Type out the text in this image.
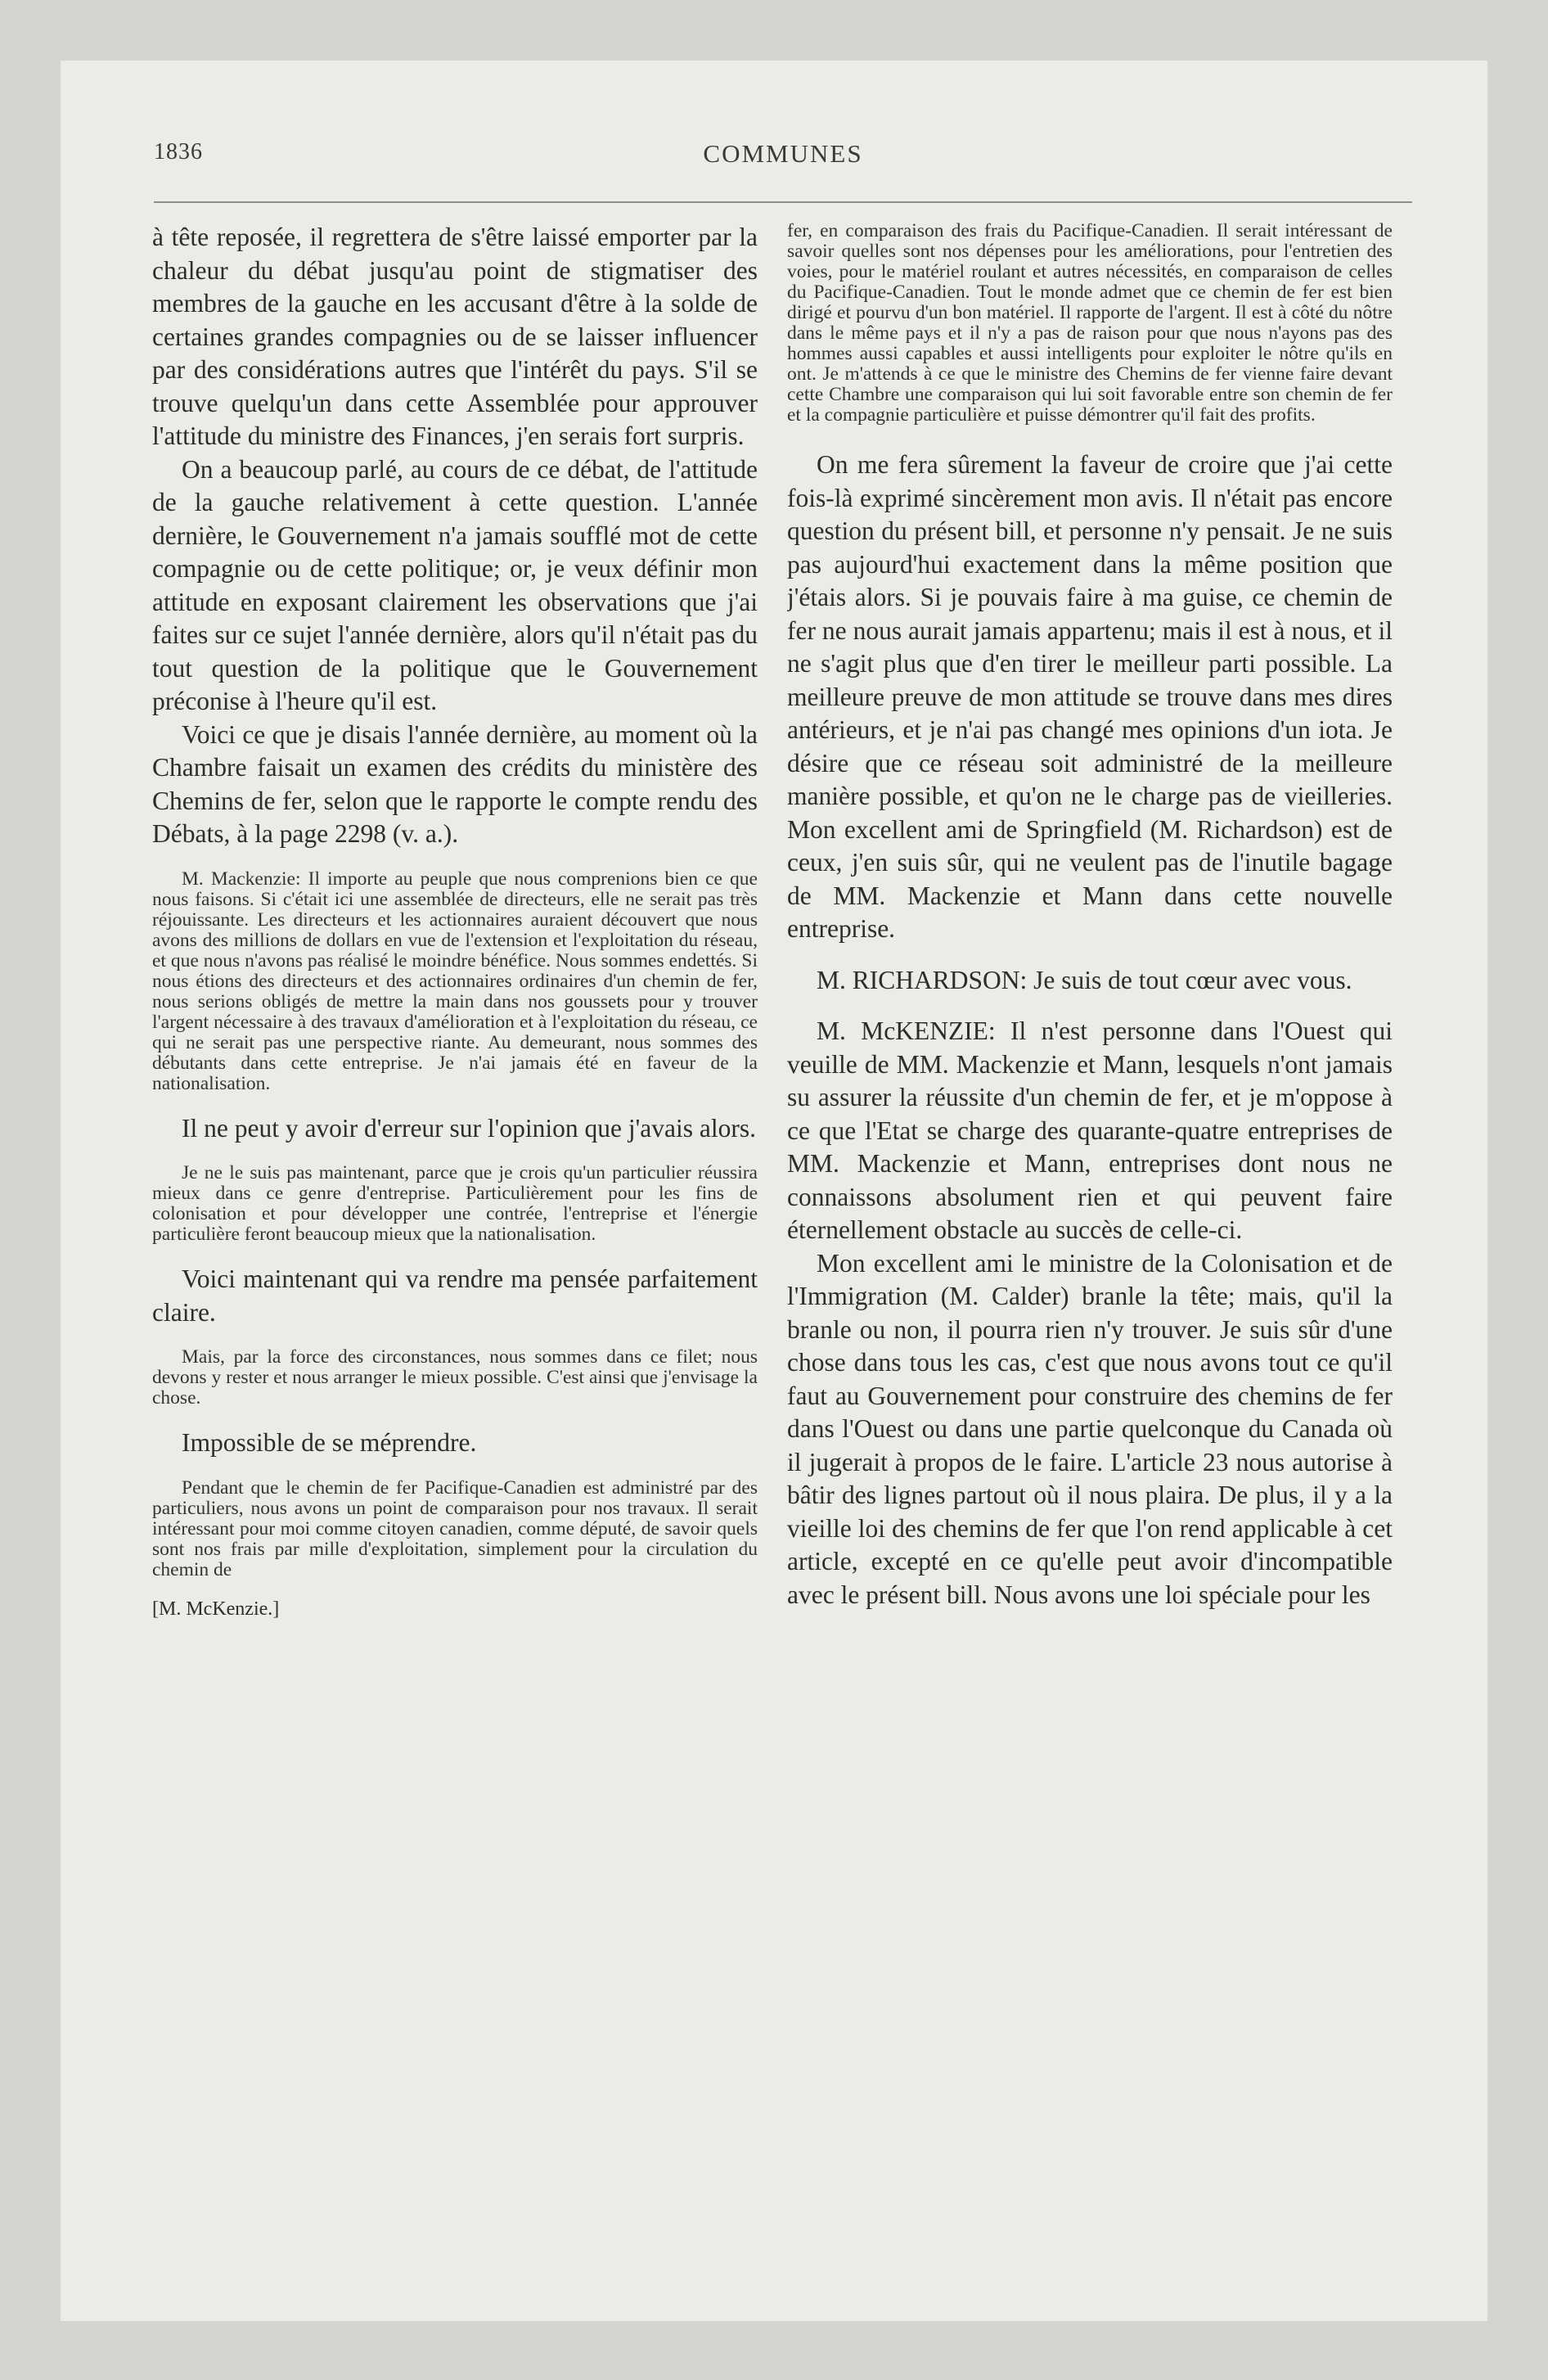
1836	COMMUNES

à tête reposée, il regrettera de s'être laissé emporter par la chaleur du débat jusqu'au point de stigmatiser des membres de la gauche en les accusant d'être à la solde de certaines grandes compagnies ou de se laisser influencer par des considérations autres que l'intérêt du pays. S'il se trouve quelqu'un dans cette Assemblée pour approuver l'attitude du ministre des Finances, j'en serais fort surpris.

On a beaucoup parlé, au cours de ce débat, de l'attitude de la gauche relativement à cette question. L'année dernière, le Gouvernement n'a jamais soufflé mot de cette compagnie ou de cette politique; or, je veux définir mon attitude en exposant clairement les observations que j'ai faites sur ce sujet l'année dernière, alors qu'il n'était pas du tout question de la politique que le Gouvernement préconise à l'heure qu'il est.

Voici ce que je disais l'année dernière, au moment où la Chambre faisait un examen des crédits du ministère des Chemins de fer, selon que le rapporte le compte rendu des Débats, à la page 2298 (v. a.).

M. Mackenzie: Il importe au peuple que nous comprenions bien ce que nous faisons. Si c'était ici une assemblée de directeurs, elle ne serait pas très réjouissante. Les directeurs et les actionnaires auraient découvert que nous avons des millions de dollars en vue de l'extension et l'exploitation du réseau, et que nous n'avons pas réalisé le moindre bénéfice. Nous sommes endettés. Si nous étions des directeurs et des actionnaires ordinaires d'un chemin de fer, nous serions obligés de mettre la main dans nos goussets pour y trouver l'argent nécessaire à des travaux d'amélioration et à l'exploitation du réseau, ce qui ne serait pas une perspective riante. Au demeurant, nous sommes des débutants dans cette entreprise. Je n'ai jamais été en faveur de la nationalisation.

Il ne peut y avoir d'erreur sur l'opinion que j'avais alors.

Je ne le suis pas maintenant, parce que je crois qu'un particulier réussira mieux dans ce genre d'entreprise. Particulièrement pour les fins de colonisation et pour développer une contrée, l'entreprise et l'énergie particulière feront beaucoup mieux que la nationalisation.

Voici maintenant qui va rendre ma pensée parfaitement claire.

Mais, par la force des circonstances, nous sommes dans ce filet; nous devons y rester et nous arranger le mieux possible. C'est ainsi que j'envisage la chose.

Impossible de se méprendre.

Pendant que le chemin de fer Pacifique-Canadien est administré par des particuliers, nous avons un point de comparaison pour nos travaux. Il serait intéressant pour moi comme citoyen canadien, comme député, de savoir quels sont nos frais par mille d'exploitation, simplement pour la circulation du chemin de

[M. McKenzie.]

fer, en comparaison des frais du Pacifique-Canadien. Il serait intéressant de savoir quelles sont nos dépenses pour les améliorations, pour l'entretien des voies, pour le matériel roulant et autres nécessités, en comparaison de celles du Pacifique-Canadien. Tout le monde admet que ce chemin de fer est bien dirigé et pourvu d'un bon matériel. Il rapporte de l'argent. Il est à côté du nôtre dans le même pays et il n'y a pas de raison pour que nous n'ayons pas des hommes aussi capables et aussi intelligents pour exploiter le nôtre qu'ils en ont. Je m'attends à ce que le ministre des Chemins de fer vienne faire devant cette Chambre une comparaison qui lui soit favorable entre son chemin de fer et la compagnie particulière et puisse démontrer qu'il fait des profits.

On me fera sûrement la faveur de croire que j'ai cette fois-là exprimé sincèrement mon avis. Il n'était pas encore question du présent bill, et personne n'y pensait. Je ne suis pas aujourd'hui exactement dans la même position que j'étais alors. Si je pouvais faire à ma guise, ce chemin de fer ne nous aurait jamais appartenu; mais il est à nous, et il ne s'agit plus que d'en tirer le meilleur parti possible. La meilleure preuve de mon attitude se trouve dans mes dires antérieurs, et je n'ai pas changé mes opinions d'un iota. Je désire que ce réseau soit administré de la meilleure manière possible, et qu'on ne le charge pas de vieilleries. Mon excellent ami de Springfield (M. Richardson) est de ceux, j'en suis sûr, qui ne veulent pas de l'inutile bagage de MM. Mackenzie et Mann dans cette nouvelle entreprise.

M. RICHARDSON: Je suis de tout cœur avec vous.

M. McKENZIE: Il n'est personne dans l'Ouest qui veuille de MM. Mackenzie et Mann, lesquels n'ont jamais su assurer la réussite d'un chemin de fer, et je m'oppose à ce que l'Etat se charge des quarante-quatre entreprises de MM. Mackenzie et Mann, entreprises dont nous ne connaissons absolument rien et qui peuvent faire éternellement obstacle au succès de celle-ci.

Mon excellent ami le ministre de la Colonisation et de l'Immigration (M. Calder) branle la tête; mais, qu'il la branle ou non, il pourra rien n'y trouver. Je suis sûr d'une chose dans tous les cas, c'est que nous avons tout ce qu'il faut au Gouvernement pour construire des chemins de fer dans l'Ouest ou dans une partie quelconque du Canada où il jugerait à propos de le faire. L'article 23 nous autorise à bâtir des lignes partout où il nous plaira. De plus, il y a la vieille loi des chemins de fer que l'on rend applicable à cet article, excepté en ce qu'elle peut avoir d'incompatible avec le présent bill. Nous avons une loi spéciale pour les
